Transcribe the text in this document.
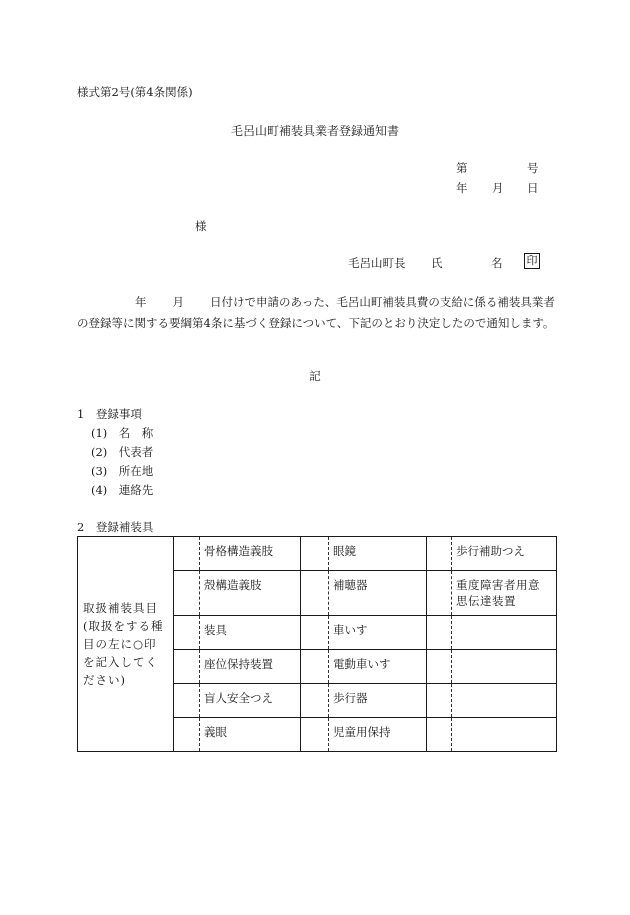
様式第2号(第4条関係)
毛呂山町補装具業者登録通知書
第	号
年 月 日
様
毛呂山町長 氏	名 印
年 月 日付けで申請のあった、毛呂山町補装具費の支給に係る補装具業者の登録等に関する要綱第4条に基づく登録について、下記のとおり決定したので通知します。
記
1　登録事項
(1)　名　称
(2)　代表者
(3)　所在地
(4)　連絡先
2　登録補装具
取扱補装具目(取扱をする種目の左に○印を記入してください)		骨格構造義肢		眼鏡		歩行補助つえ

		殻構造義肢		補聴器		重度障害者用意思伝達装置

		装具		車いす		

		座位保持装置		電動車いす		

		盲人安全つえ		歩行器		

		義眼		児童用保持		
